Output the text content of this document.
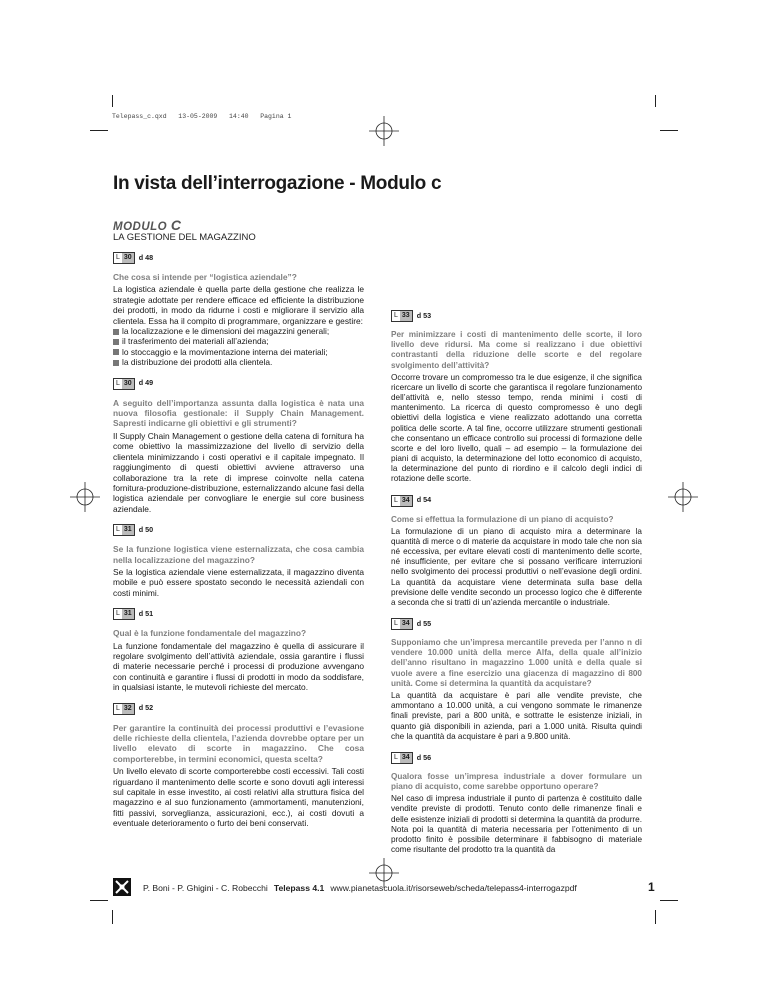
Telepass_c.qxd   13-05-2009   14:40   Pagina 1
In vista dell’interrogazione - Modulo c
MODULO C
LA GESTIONE DEL MAGAZZINO
L 30 d 48
Che cosa si intende per “logistica aziendale”?

La logistica aziendale è quella parte della gestione che realizza le strategie adottate per rendere efficace ed efficiente la distribuzione dei prodotti, in modo da ridurne i costi e migliorare il servizio alla clientela. Essa ha il compito di programmare, organizzare e gestire:

la localizzazione e le dimensioni dei magazzini generali;
il trasferimento dei materiali all’azienda;
lo stoccaggio e la movimentazione interna dei materiali;
la distribuzione dei prodotti alla clientela.
L 30 d 49
A seguito dell’importanza assunta dalla logistica è nata una nuova filosofia gestionale: il Supply Chain Management. Sapresti indicarne gli obiettivi e gli strumenti?
Il Supply Chain Management o gestione della catena di fornitura ha come obiettivo la massimizzazione del livello di servizio della clientela minimizzando i costi operativi e il capitale impegnato. Il raggiungimento di questi obiettivi avviene attraverso una collaborazione tra la rete di imprese coinvolte nella catena fornitura-produzione-distribuzione, esternalizzando alcune fasi della logistica aziendale per convogliare le energie sul core business aziendale.
L 31 d 50
Se la funzione logistica viene esternalizzata, che cosa cambia nella localizzazione del magazzino?
Se la logistica aziendale viene esternalizzata, il magazzino diventa mobile e può essere spostato secondo le necessità aziendali con costi minimi.
L 31 d 51
Qual è la funzione fondamentale del magazzino?
La funzione fondamentale del magazzino è quella di assicurare il regolare svolgimento dell’attività aziendale, ossia garantire i flussi di materie necessarie perché i processi di produzione avvengano con continuità e garantire i flussi di prodotti in modo da soddisfare, in qualsiasi istante, le mutevoli richieste del mercato.
L 32 d 52
Per garantire la continuità dei processi produttivi e l’evasione delle richieste della clientela, l’azienda dovrebbe optare per un livello elevato di scorte in magazzino. Che cosa comporterebbe, in termini economici, questa scelta?
Un livello elevato di scorte comporterebbe costi eccessivi. Tali costi riguardano il mantenimento delle scorte e sono dovuti agli interessi sul capitale in esse investito, ai costi relativi alla struttura fisica del magazzino e al suo funzionamento (ammortamenti, manutenzioni, fitti passivi, sorveglianza, assicurazioni, ecc.), ai costi dovuti a eventuale deterioramento o furto dei beni conservati.
L 33 d 53
Per minimizzare i costi di mantenimento delle scorte, il loro livello deve ridursi. Ma come si realizzano i due obiettivi contrastanti della riduzione delle scorte e del regolare svolgimento dell’attività?
Occorre trovare un compromesso tra le due esigenze, il che significa ricercare un livello di scorte che garantisca il regolare funzionamento dell’attività e, nello stesso tempo, renda minimi i costi di mantenimento. La ricerca di questo compromesso è uno degli obiettivi della logistica e viene realizzato adottando una corretta politica delle scorte. A tal fine, occorre utilizzare strumenti gestionali che consentano un efficace controllo sui processi di formazione delle scorte e del loro livello, quali – ad esempio – la formulazione dei piani di acquisto, la determinazione del lotto economico di acquisto, la determinazione del punto di riordino e il calcolo degli indici di rotazione delle scorte.
L 34 d 54
Come si effettua la formulazione di un piano di acquisto?
La formulazione di un piano di acquisto mira a determinare la quantità di merce o di materie da acquistare in modo tale che non sia né eccessiva, per evitare elevati costi di mantenimento delle scorte, né insufficiente, per evitare che si possano verificare interruzioni nello svolgimento dei processi produttivi o nell’evasione degli ordini. La quantità da acquistare viene determinata sulla base della previsione delle vendite secondo un processo logico che è differente a seconda che si tratti di un’azienda mercantile o industriale.
L 34 d 55
Supponiamo che un’impresa mercantile preveda per l’anno n di vendere 10.000 unità della merce Alfa, della quale all’inizio dell’anno risultano in magazzino 1.000 unità e della quale si vuole avere a fine esercizio una giacenza di magazzino di 800 unità. Come si determina la quantità da acquistare?
La quantità da acquistare è pari alle vendite previste, che ammontano a 10.000 unità, a cui vengono sommate le rimanenze finali previste, pari a 800 unità, e sottratte le esistenze iniziali, in quanto già disponibili in azienda, pari a 1.000 unità. Risulta quindi che la quantità da acquistare è pari a 9.800 unità.
L 34 d 56
Qualora fosse un’impresa industriale a dover formulare un piano di acquisto, come sarebbe opportuno operare?
Nel caso di impresa industriale il punto di partenza è costituito dalle vendite previste di prodotti. Tenuto conto delle rimanenze finali e delle esistenze iniziali di prodotti si determina la quantità da produrre. Nota poi la quantità di materia necessaria per l’ottenimento di un prodotto finito è possibile determinare il fabbisogno di materiale come risultante del prodotto tra la quantità da
P. Boni - P. Ghigini - C. Robecchi Telepass 4.1 www.pianetascuola.it/risorseweb/scheda/telepass4-interrogazpdf	1
